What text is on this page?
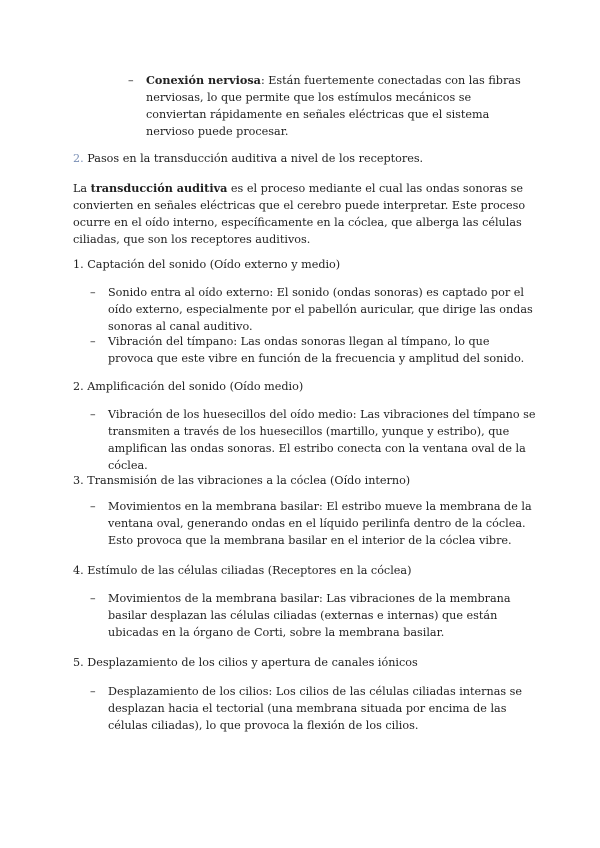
– Conexión nerviosa: Están fuertemente conectadas con las fibras nerviosas, lo que permite que los estímulos mecánicos se conviertan rápidamente en señales eléctricas que el sistema nervioso puede procesar.

2. Pasos en la transducción auditiva a nivel de los receptores.

La transducción auditiva es el proceso mediante el cual las ondas sonoras se convierten en señales eléctricas que el cerebro puede interpretar. Este proceso ocurre en el oído interno, específicamente en la cóclea, que alberga las células ciliadas, que son los receptores auditivos.

1. Captación del sonido (Oído externo y medio)

– Sonido entra al oído externo: El sonido (ondas sonoras) es captado por el oído externo, especialmente por el pabellón auricular, que dirige las ondas sonoras al canal auditivo.

– Vibración del tímpano: Las ondas sonoras llegan al tímpano, lo que provoca que este vibre en función de la frecuencia y amplitud del sonido.

2. Amplificación del sonido (Oído medio)

– Vibración de los huesecillos del oído medio: Las vibraciones del tímpano se transmiten a través de los huesecillos (martillo, yunque y estribo), que amplifican las ondas sonoras. El estribo conecta con la ventana oval de la cóclea.

3. Transmisión de las vibraciones a la cóclea (Oído interno)

– Movimientos en la membrana basilar: El estribo mueve la membrana de la ventana oval, generando ondas en el líquido perilinfa dentro de la cóclea. Esto provoca que la membrana basilar en el interior de la cóclea vibre.

4. Estímulo de las células ciliadas (Receptores en la cóclea)

– Movimientos de la membrana basilar: Las vibraciones de la membrana basilar desplazan las células ciliadas (externas e internas) que están ubicadas en la órgano de Corti, sobre la membrana basilar.

5. Desplazamiento de los cilios y apertura de canales iónicos

– Desplazamiento de los cilios: Los cilios de las células ciliadas internas se desplazan hacia el tectorial (una membrana situada por encima de las células ciliadas), lo que provoca la flexión de los cilios.
